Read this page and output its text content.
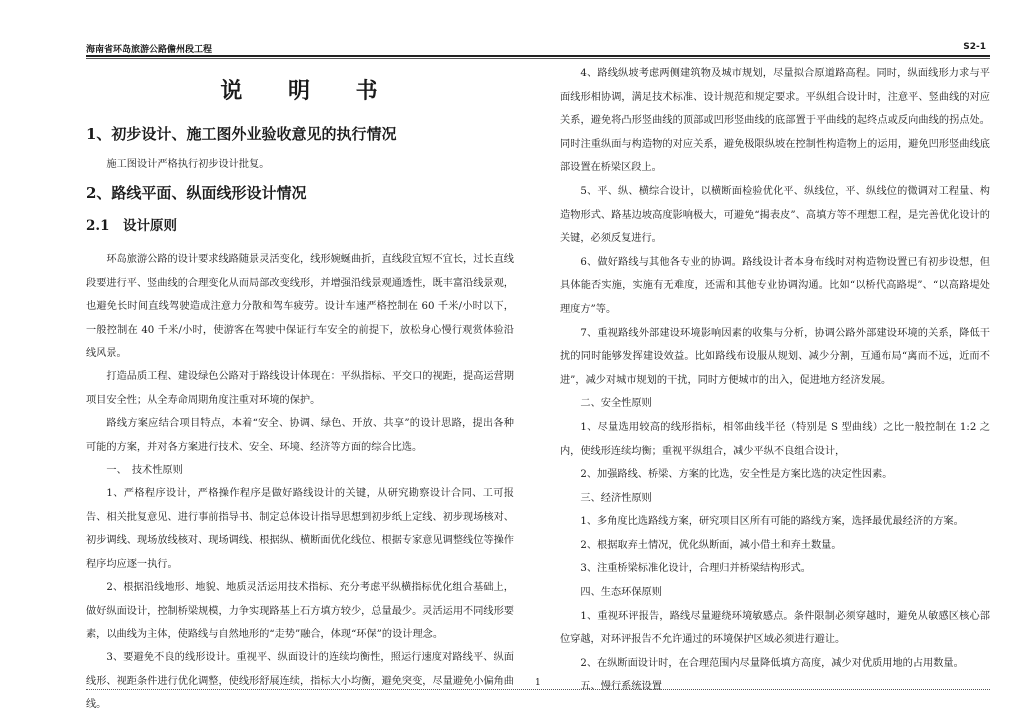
海南省环岛旅游公路儋州段工程	S2-1
说 明 书
1、初步设计、施工图外业验收意见的执行情况

施工图设计严格执行初步设计批复。

2、路线平面、纵面线形设计情况
2.1　设计原则

环岛旅游公路的设计要求线路随景灵活变化，线形婉蜒曲折，直线段宜短不宜长，过长直线段要进行平、竖曲线的合理变化从而局部改变线形，并增强沿线景观通透性，既丰富沿线景观，也避免长时间直线驾驶造成注意力分散和驾车疲劳。设计车速严格控制在 60 千米/小时以下，一般控制在 40 千米/小时，使游客在驾驶中保证行车安全的前提下，放松身心慢行观赏体验沿线风景。

打造品质工程、建设绿色公路对于路线设计体现在：平纵指标、平交口的视距，提高运营期项目安全性；从全寿命周期角度注重对环境的保护。

路线方案应结合项目特点，本着“安全、协调、绿色、开放、共享”的设计思路，提出各种可能的方案，并对各方案进行技术、安全、环境、经济等方面的综合比选。

一、　技术性原则

1、严格程序设计，严格操作程序是做好路线设计的关键，从研究勘察设计合同、工可报告、相关批复意见、进行事前指导书、制定总体设计指导思想到初步纸上定线、初步现场核对、初步调线、现场放线核对、现场调线、根据纵、横断面优化线位、根据专家意见调整线位等操作程序均应逐一执行。

2、根据沿线地形、地貌、地质灵活运用技术指标、充分考虑平纵横指标优化组合基础上，做好纵面设计，控制桥梁规模，力争实现路基上石方填方较少，总量最少。灵活运用不同线形要素，以曲线为主体，使路线与自然地形的“走势”融合，体现“环保”的设计理念。

3、要避免不良的线形设计。重视平、纵面设计的连续均衡性，照运行速度对路线平、纵面线形、视距条件进行优化调整，使线形舒展连续，指标大小均衡，避免突变，尽量避免小偏角曲线。

4、路线纵坡考虑两侧建筑物及城市规划，尽量拟合原道路高程。同时，纵面线形力求与平面线形相协调，满足技术标准、设计规范和规定要求。平纵组合设计时，注意平、竖曲线的对应关系，避免将凸形竖曲线的顶部或凹形竖曲线的底部置于平曲线的起终点或反向曲线的拐点处。同时注重纵面与构造物的对应关系，避免极限纵坡在控制性构造物上的运用，避免凹形竖曲线底部设置在桥梁区段上。

5、平、纵、横综合设计，以横断面检验优化平、纵线位，平、纵线位的微调对工程量、构造物形式、路基边坡高度影响极大，可避免“揭表皮”、高填方等不理想工程，是完善优化设计的关键，必须反复进行。

6、做好路线与其他各专业的协调。路线设计者本身布线时对构造物设置已有初步设想，但具体能否实施，实施有无难度，还需和其他专业协调沟通。比如“以桥代高路堤”、“以高路堤处理度方”等。

7、重视路线外部建设环境影响因素的收集与分析，协调公路外部建设环境的关系，降低干扰的同时能够发挥建设效益。比如路线布设服从规划、减少分割，互通布局“离而不远，近而不进”，减少对城市规划的干扰，同时方便城市的出入，促进地方经济发展。

二、安全性原则

1、尽量选用较高的线形指标，相邻曲线半径（特别是 S 型曲线）之比一般控制在 1:2 之内，使线形连续均衡；重视平纵组合，减少平纵不良组合设计，

2、加强路线、桥梁、方案的比选，安全性是方案比选的决定性因素。

三、经济性原则

1、多角度比选路线方案，研究项目区所有可能的路线方案，选择最优最经济的方案。

2、根据取弃土情况，优化纵断面，减小借土和弃土数量。

3、注重桥梁标准化设计，合理归并桥梁结构形式。

四、生态环保原则

1、重视环评报告，路线尽量避绕环境敏感点。条件限制必须穿越时，避免从敏感区核心部位穿越，对环评报告不允许通过的环境保护区域必须进行避让。

2、在纵断面设计时，在合理范围内尽量降低填方高度，减少对优质用地的占用数量。

五、慢行系统设置

1
